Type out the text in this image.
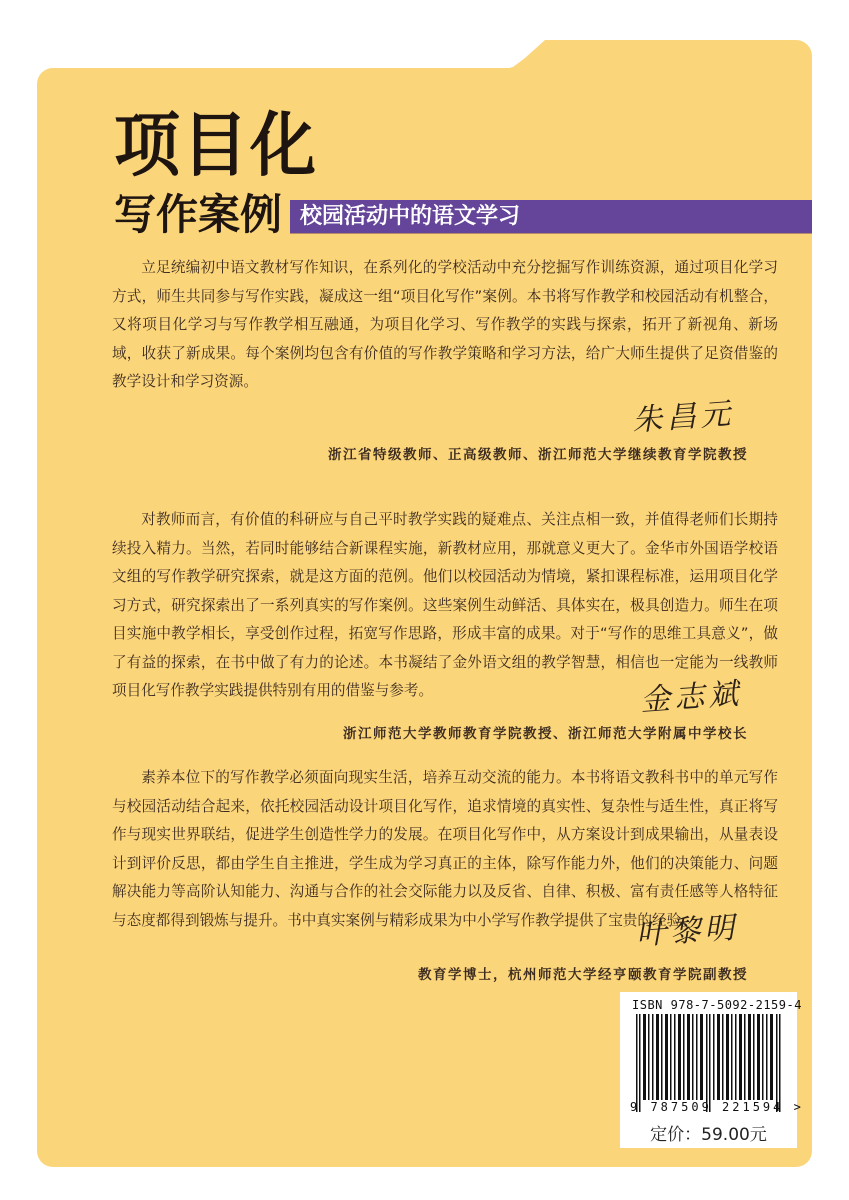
项目化
写作案例 校园活动中的语文学习

立足统编初中语文教材写作知识，在系列化的学校活动中充分挖掘写作训练资源，通过项目化学习方式，师生共同参与写作实践，凝成这一组“项目化写作”案例。本书将写作教学和校园活动有机整合，又将项目化学习与写作教学相互融通，为项目化学习、写作教学的实践与探索，拓开了新视角、新场域，收获了新成果。每个案例均包含有价值的写作教学策略和学习方法，给广大师生提供了足资借鉴的教学设计和学习资源。

朱昌元
浙江省特级教师、正高级教师、浙江师范大学继续教育学院教授

对教师而言，有价值的科研应与自己平时教学实践的疑难点、关注点相一致，并值得老师们长期持续投入精力。当然，若同时能够结合新课程实施，新教材应用，那就意义更大了。金华市外国语学校语文组的写作教学研究探索，就是这方面的范例。他们以校园活动为情境，紧扣课程标准，运用项目化学习方式，研究探索出了一系列真实的写作案例。这些案例生动鲜活、具体实在，极具创造力。师生在项目实施中教学相长，享受创作过程，拓宽写作思路，形成丰富的成果。对于“写作的思维工具意义”，做了有益的探索，在书中做了有力的论述。本书凝结了金外语文组的教学智慧，相信也一定能为一线教师项目化写作教学实践提供特别有用的借鉴与参考。	金志斌
浙江师范大学教师教育学院教授、浙江师范大学附属中学校长

素养本位下的写作教学必须面向现实生活，培养互动交流的能力。本书将语文教科书中的单元写作与校园活动结合起来，依托校园活动设计项目化写作，追求情境的真实性、复杂性与适生性，真正将写作与现实世界联结，促进学生创造性学力的发展。在项目化写作中，从方案设计到成果输出，从量表设计到评价反思，都由学生自主推进，学生成为学习真正的主体，除写作能力外，他们的决策能力、问题解决能力等高阶认知能力、沟通与合作的社会交际能力以及反省、自律、积极、富有责任感等人格特征与态度都得到锻炼与提升。书中真实案例与精彩成果为中小学写作教学提供了宝贵的经验。

叶黎明
教育学博士，杭州师范大学经亨颐教育学院副教授
ISBN 978-7-5092-2159-4
9 787509 221594 >
定价：59.00元
